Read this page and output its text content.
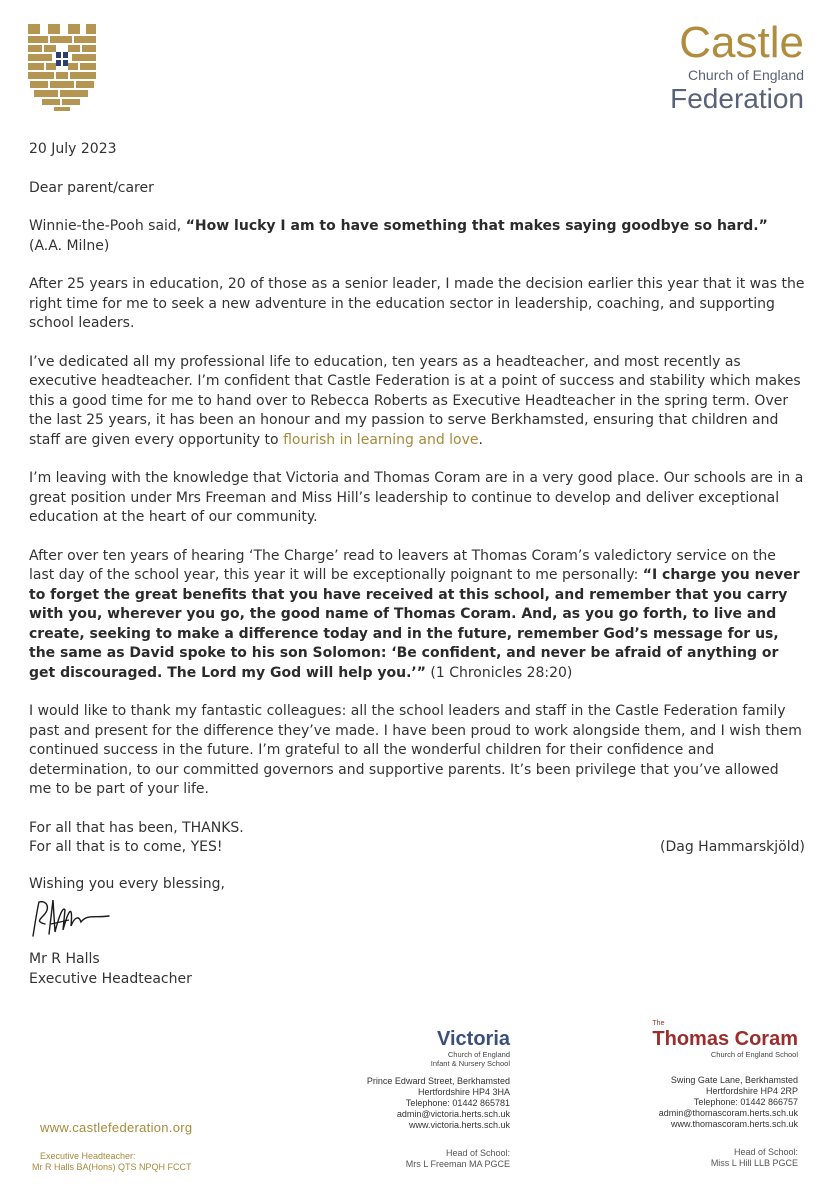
Castle
Church of England
Federation

20 July 2023

Dear parent/carer

Winnie-the-Pooh said, “How lucky I am to have something that makes saying goodbye so hard.”
(A.A. Milne)

After 25 years in education, 20 of those as a senior leader, I made the decision earlier this year that it was the right time for me to seek a new adventure in the education sector in leadership, coaching, and supporting school leaders.

I’ve dedicated all my professional life to education, ten years as a headteacher, and most recently as executive headteacher. I’m confident that Castle Federation is at a point of success and stability which makes this a good time for me to hand over to Rebecca Roberts as Executive Headteacher in the spring term. Over the last 25 years, it has been an honour and my passion to serve Berkhamsted, ensuring that children and staff are given every opportunity to flourish in learning and love.

I’m leaving with the knowledge that Victoria and Thomas Coram are in a very good place. Our schools are in a great position under Mrs Freeman and Miss Hill’s leadership to continue to develop and deliver exceptional education at the heart of our community.

After over ten years of hearing ‘The Charge’ read to leavers at Thomas Coram’s valedictory service on the last day of the school year, this year it will be exceptionally poignant to me personally: “I charge you never to forget the great benefits that you have received at this school, and remember that you carry with you, wherever you go, the good name of Thomas Coram. And, as you go forth, to live and create, seeking to make a difference today and in the future, remember God’s message for us, the same as David spoke to his son Solomon: ‘Be confident, and never be afraid of anything or get discouraged. The Lord my God will help you.’” (1 Chronicles 28:20)

I would like to thank my fantastic colleagues: all the school leaders and staff in the Castle Federation family past and present for the difference they’ve made. I have been proud to work alongside them, and I wish them continued success in the future. I’m grateful to all the wonderful children for their confidence and determination, to our committed governors and supportive parents. It’s been privilege that you’ve allowed me to be part of your life.

For all that has been, THANKS.

For all that is to come, YES!	(Dag Hammarskjöld)

Wishing you every blessing,
Mr R Halls
Executive Headteacher
www.castlefederation.org
Executive Headteacher:
Mr R Halls BA(Hons) QTS NPQH FCCT
Victoria
Church of England
Infant & Nursery School
Prince Edward Street, Berkhamsted
Hertfordshire HP4 3HA
Telephone: 01442 865781
admin@victoria.herts.sch.uk
www.victoria.herts.sch.uk
Head of School:
Mrs L Freeman MA PGCE
The
Thomas Coram
Church of England School
Swing Gate Lane, Berkhamsted
Hertfordshire HP4 2RP
Telephone: 01442 866757
admin@thomascoram.herts.sch.uk
www.thomascoram.herts.sch.uk
Head of School:
Miss L Hill LLB PGCE
